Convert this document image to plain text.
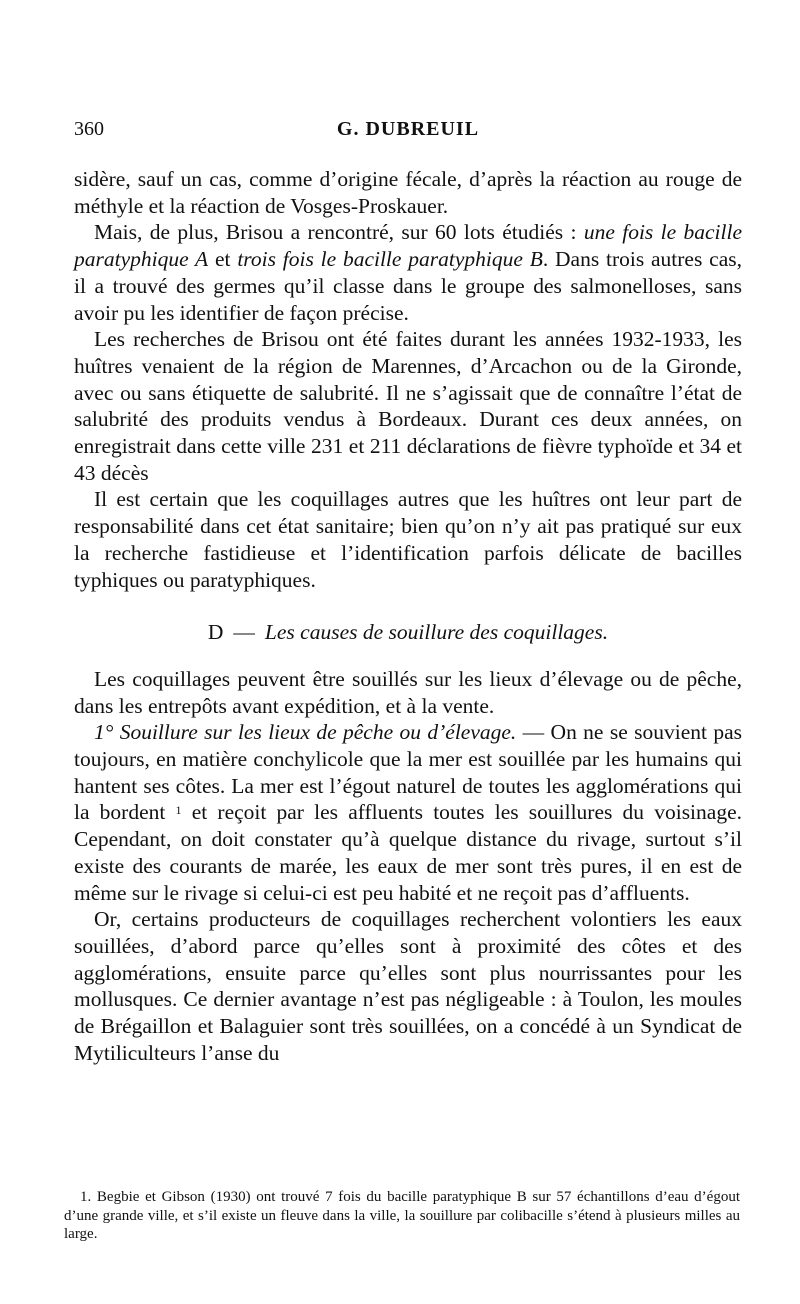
360	G. DUBREUIL

sidère, sauf un cas, comme d’origine fécale, d’après la réaction au rouge de méthyle et la réaction de Vosges-Proskauer.

Mais, de plus, Brisou a rencontré, sur 60 lots étudiés : une fois le bacille paratyphique A et trois fois le bacille paratyphique B. Dans trois autres cas, il a trouvé des germes qu’il classe dans le groupe des salmonelloses, sans avoir pu les identifier de façon précise.

Les recherches de Brisou ont été faites durant les années 1932-1933, les huîtres venaient de la région de Marennes, d’Arcachon ou de la Gironde, avec ou sans étiquette de salubrité. Il ne s’agissait que de connaître l’état de salubrité des produits vendus à Bordeaux. Durant ces deux années, on enregistrait dans cette ville 231 et 211 déclarations de fièvre typhoïde et 34 et 43 décès

Il est certain que les coquillages autres que les huîtres ont leur part de responsabilité dans cet état sanitaire; bien qu’on n’y ait pas pratiqué sur eux la recherche fastidieuse et l’identification parfois délicate de bacilles typhiques ou paratyphiques.

D — Les causes de souillure des coquillages.

Les coquillages peuvent être souillés sur les lieux d’élevage ou de pêche, dans les entrepôts avant expédition, et à la vente.

1° Souillure sur les lieux de pêche ou d’élevage. — On ne se souvient pas toujours, en matière conchylicole que la mer est souillée par les humains qui hantent ses côtes. La mer est l’égout naturel de toutes les agglomérations qui la bordent $^1$ et reçoit par les affluents toutes les souillures du voisinage. Cependant, on doit constater qu’à quelque distance du rivage, surtout s’il existe des courants de marée, les eaux de mer sont très pures, il en est de même sur le rivage si celui-ci est peu habité et ne reçoit pas d’affluents.

Or, certains producteurs de coquillages recherchent volontiers les eaux souillées, d’abord parce qu’elles sont à proximité des côtes et des agglomérations, ensuite parce qu’elles sont plus nourrissantes pour les mollusques. Ce dernier avantage n’est pas négligeable : à Toulon, les moules de Brégaillon et Balaguier sont très souillées, on a concédé à un Syndicat de Mytiliculteurs l’anse du

1. Begbie et Gibson (1930) ont trouvé 7 fois du bacille paratyphique B sur 57 échantillons d’eau d’égout d’une grande ville, et s’il existe un fleuve dans la ville, la souillure par colibacille s’étend à plusieurs milles au large.
